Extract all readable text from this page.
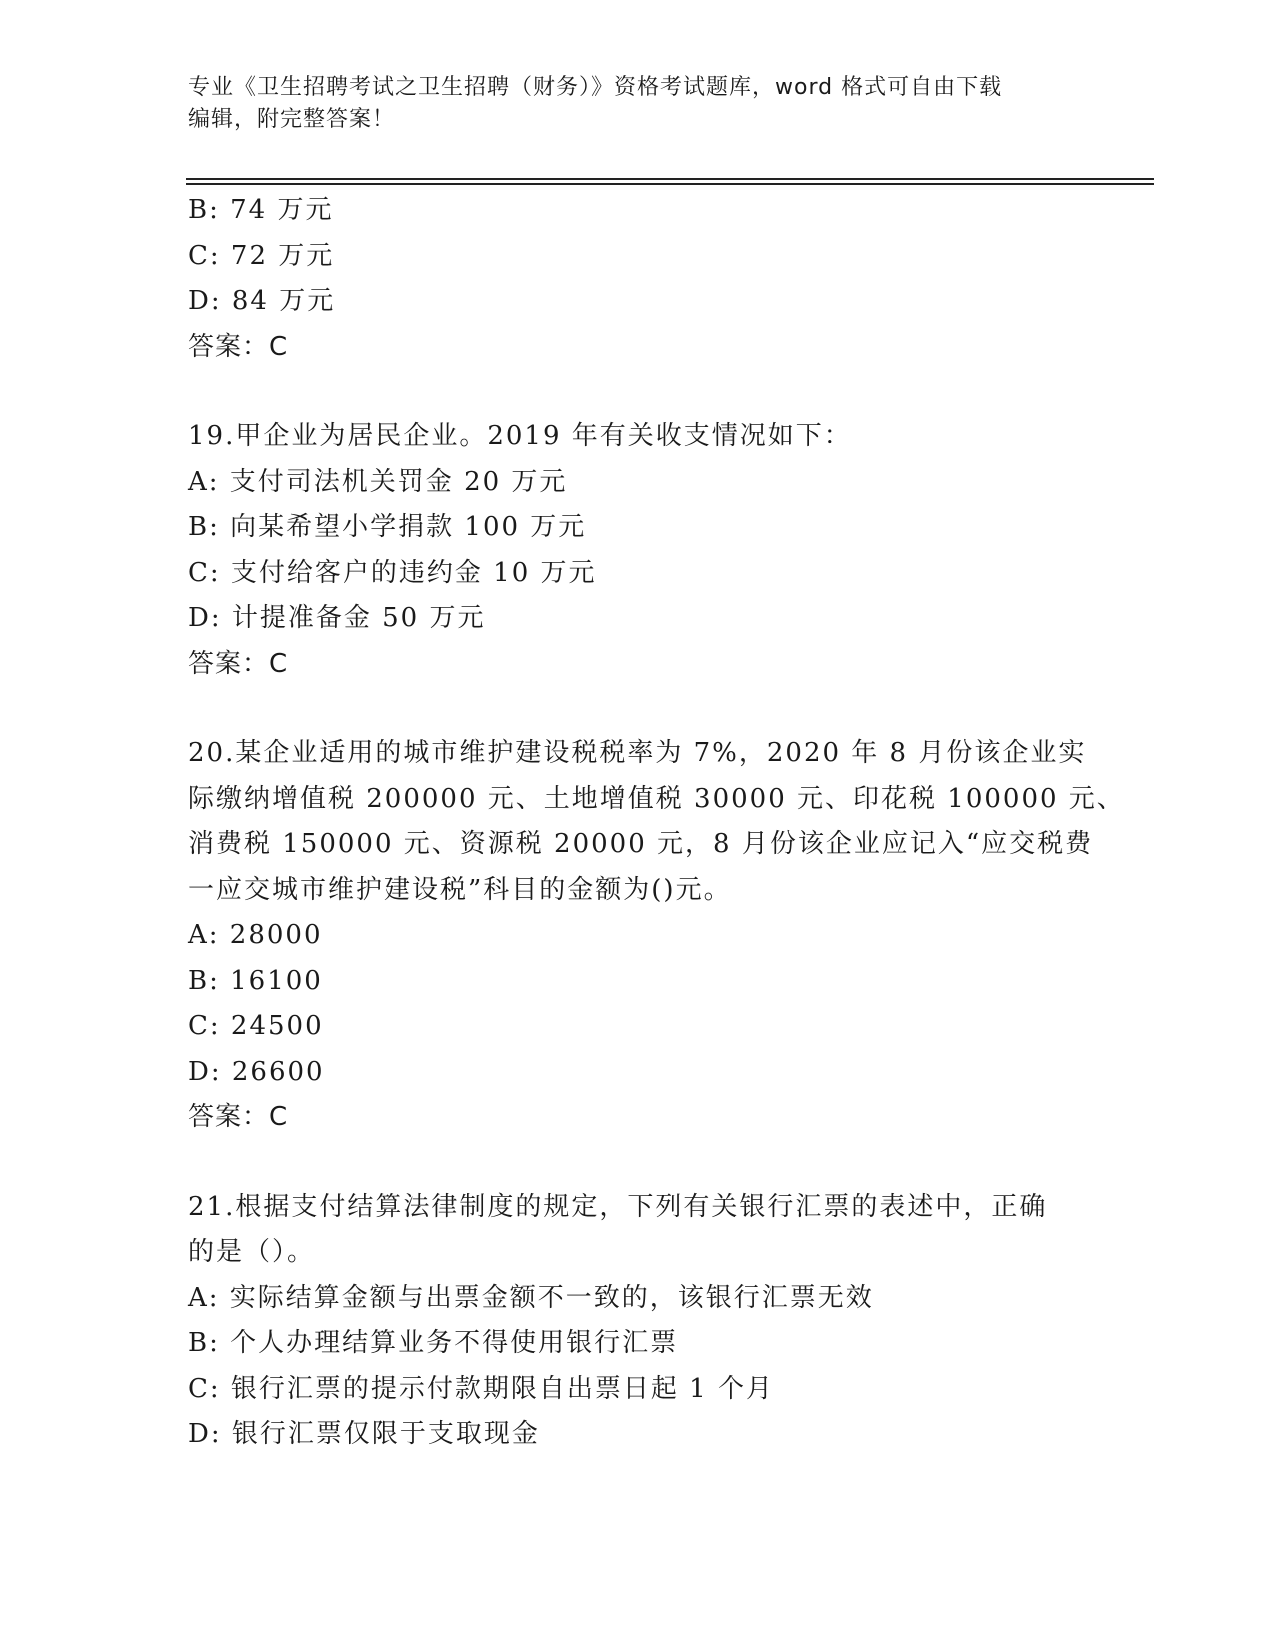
专业《卫生招聘考试之卫生招聘（财务）》资格考试题库，word 格式可自由下载
编辑，附完整答案！
B: 74 万元
C: 72 万元
D: 84 万元
答案：C
19.甲企业为居民企业。2019 年有关收支情况如下：
A: 支付司法机关罚金 20 万元
B: 向某希望小学捐款 100 万元
C: 支付给客户的违约金 10 万元
D: 计提准备金 50 万元
答案：C
20.某企业适用的城市维护建设税税率为 7%，2020 年 8 月份该企业实
际缴纳增值税 200000 元、土地增值税 30000 元、印花税 100000 元、
消费税 150000 元、资源税 20000 元，8 月份该企业应记入“应交税费
一应交城市维护建设税”科目的金额为()元。
A: 28000
B: 16100
C: 24500
D: 26600
答案：C
21.根据支付结算法律制度的规定，下列有关银行汇票的表述中，正确
的是（）。
A: 实际结算金额与出票金额不一致的，该银行汇票无效
B: 个人办理结算业务不得使用银行汇票
C: 银行汇票的提示付款期限自出票日起 1 个月
D: 银行汇票仅限于支取现金
